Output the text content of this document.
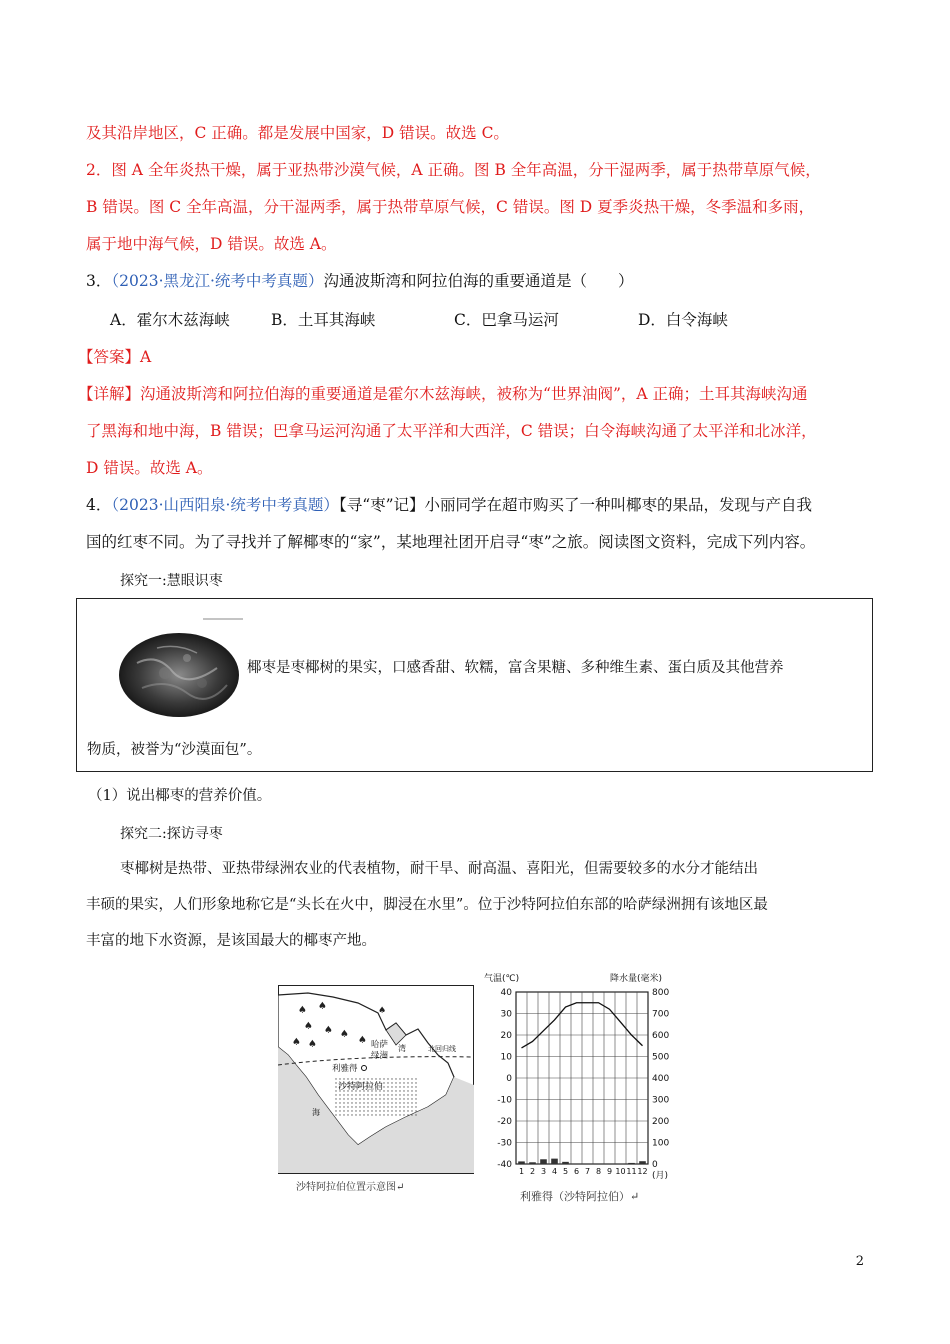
及其沿岸地区，C 正确。都是发展中国家，D 错误。故选 C。
2．图 A 全年炎热干燥，属于亚热带沙漠气候，A 正确。图 B 全年高温，分干湿两季，属于热带草原气候，
B 错误。图 C 全年高温，分干湿两季，属于热带草原气候，C 错误。图 D 夏季炎热干燥，冬季温和多雨，
属于地中海气候，D 错误。故选 A。
3．（2023·黑龙江·统考中考真题）沟通波斯湾和阿拉伯海的重要通道是（　　）
A．霍尔木兹海峡	B．土耳其海峡	C．巴拿马运河	D．白令海峡
【答案】A
【详解】沟通波斯湾和阿拉伯海的重要通道是霍尔木兹海峡，被称为“世界油阀”，A 正确；土耳其海峡沟通
了黑海和地中海，B 错误；巴拿马运河沟通了太平洋和大西洋，C 错误；白令海峡沟通了太平洋和北冰洋，
D 错误。故选 A。
4．（2023·山西阳泉·统考中考真题）【寻“枣”记】小丽同学在超市购买了一种叫椰枣的果品，发现与产自我
国的红枣不同。为了寻找并了解椰枣的“家”，某地理社团开启寻“枣”之旅。阅读图文资料，完成下列内容。
探究一:慧眼识枣
椰枣是枣椰树的果实，口感香甜、软糯，富含果糖、多种维生素、蛋白质及其他营养
物质，被誉为“沙漠面包”。
（1）说出椰枣的营养价值。
探究二:探访寻枣
枣椰树是热带、亚热带绿洲农业的代表植物，耐干旱、耐高温、喜阳光，但需要较多的水分才能结出
丰硕的果实，人们形象地称它是“头长在火中，脚浸在水里”。位于沙特阿拉伯东部的哈萨绿洲拥有该地区最
丰富的地下水资源，是该国最大的椰枣产地。
♠ ♠
♠ ♠ ♠
♠
♠	♠
♠
哈萨
绿洲
湾
利雅得
北回归线
沙特阿拉伯
海
沙特阿拉伯位置示意图↵
气温(℃)	降水量(毫米)
40
30
20
10
0
-10
-20
-30
-40
800
700
600
500
400
300
200
100
0
1 2 3 4 5 6 7 8 9 10 11 12 (月)
利雅得（沙特阿拉伯）↵
2
